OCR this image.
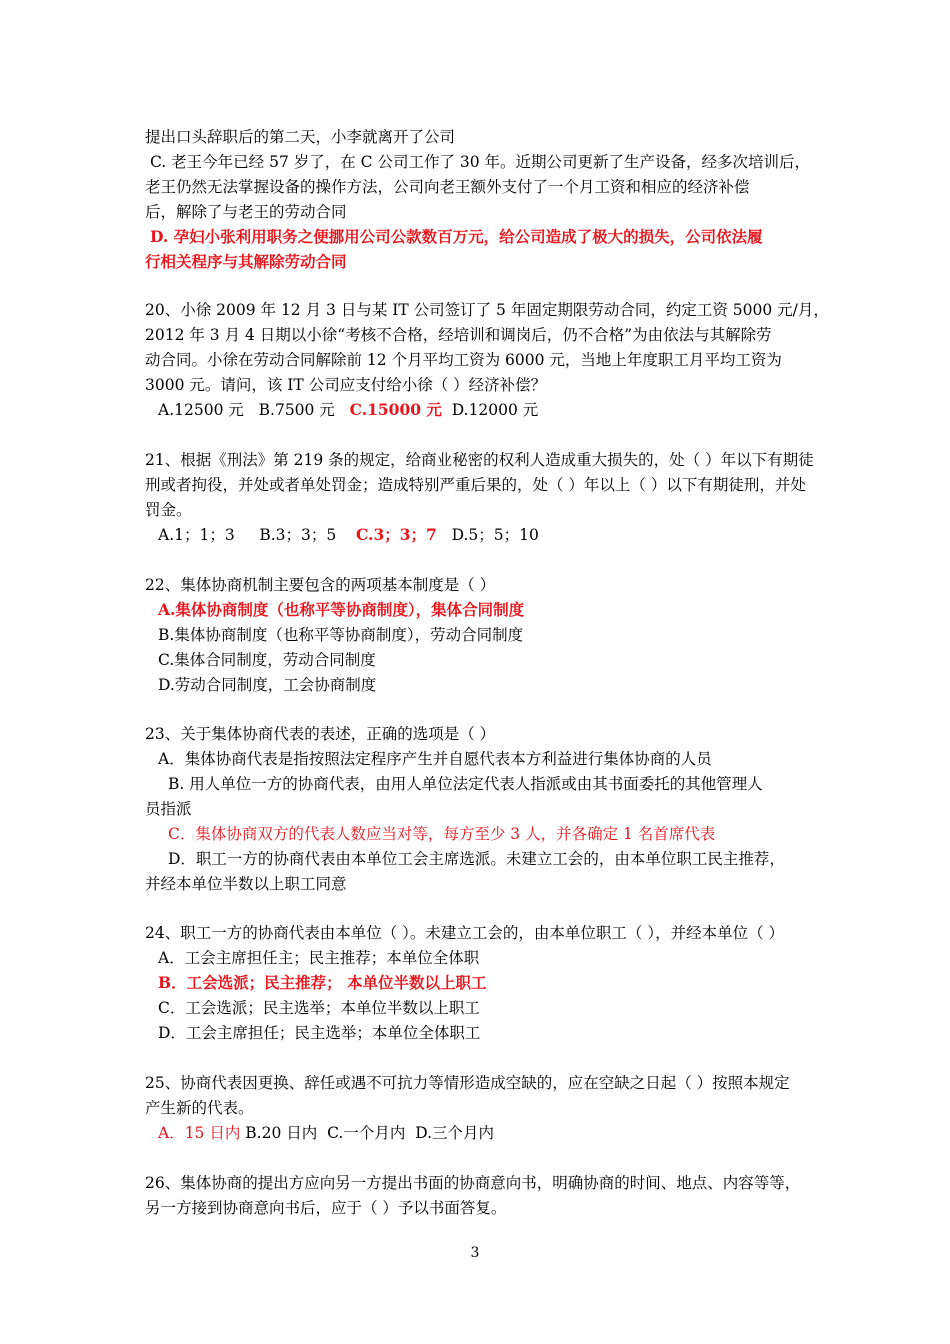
提出口头辞职后的第二天，小李就离开了公司
C. 老王今年已经 57 岁了，在 C 公司工作了 30 年。近期公司更新了生产设备，经多次培训后，
老王仍然无法掌握设备的操作方法，公司向老王额外支付了一个月工资和相应的经济补偿
后，解除了与老王的劳动合同
D. 孕妇小张利用职务之便挪用公司公款数百万元，给公司造成了极大的损失，公司依法履
行相关程序与其解除劳动合同
20、小徐 2009 年 12 月 3 日与某 IT 公司签订了 5 年固定期限劳动合同，约定工资 5000 元/月，
2012 年 3 月 4 日期以小徐“考核不合格，经培训和调岗后，仍不合格”为由依法与其解除劳
动合同。小徐在劳动合同解除前 12 个月平均工资为 6000 元，当地上年度职工月平均工资为
3000 元。请问，该 IT 公司应支付给小徐（ ）经济补偿？
A.12500 元 B.7500 元 C.15000 元 D.12000 元
21、根据《刑法》第 219 条的规定，给商业秘密的权利人造成重大损失的，处（ ）年以下有期徒
刑或者拘役，并处或者单处罚金；造成特别严重后果的，处（ ）年以上（ ）以下有期徒刑，并处
罚金。
A.1；1；3 B.3；3；5 C.3；3；7 D.5；5；10
22、集体协商机制主要包含的两项基本制度是（ ）
A.集体协商制度（也称平等协商制度），集体合同制度
B.集体协商制度（也称平等协商制度），劳动合同制度
C.集体合同制度，劳动合同制度
D.劳动合同制度，工会协商制度
23、关于集体协商代表的表述，正确的选项是（ ）
A．集体协商代表是指按照法定程序产生并自愿代表本方利益进行集体协商的人员
B. 用人单位一方的协商代表，由用人单位法定代表人指派或由其书面委托的其他管理人
员指派
C．集体协商双方的代表人数应当对等，每方至少 3 人，并各确定 1 名首席代表
D．职工一方的协商代表由本单位工会主席选派。未建立工会的，由本单位职工民主推荐，
并经本单位半数以上职工同意
24、职工一方的协商代表由本单位（ ）。未建立工会的，由本单位职工（ ），并经本单位（ ）
A．工会主席担任主；民主推荐；本单位全体职
B．工会选派；民主推荐； 本单位半数以上职工
C．工会选派；民主选举；本单位半数以上职工
D．工会主席担任；民主选举；本单位全体职工
25、协商代表因更换、辞任或遇不可抗力等情形造成空缺的，应在空缺之日起（ ）按照本规定
产生新的代表。
A．15 日内 B.20 日内 C.一个月内 D.三个月内
26、集体协商的提出方应向另一方提出书面的协商意向书，明确协商的时间、地点、内容等等，
另一方接到协商意向书后，应于（ ）予以书面答复。
3
